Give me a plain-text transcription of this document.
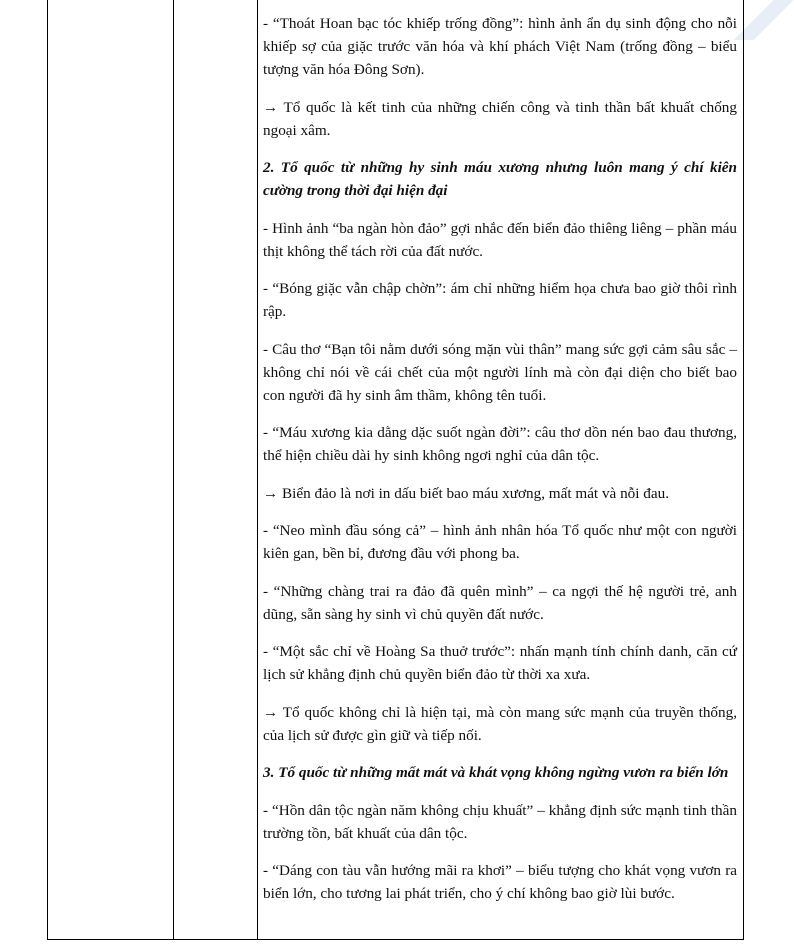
- “Thoát Hoan bạc tóc khiếp trống đồng”: hình ảnh ẩn dụ sinh động cho nỗi khiếp sợ của giặc trước văn hóa và khí phách Việt Nam (trống đồng – biểu tượng văn hóa Đông Sơn).

→ Tổ quốc là kết tinh của những chiến công và tinh thần bất khuất chống ngoại xâm.

2. Tổ quốc từ những hy sinh máu xương nhưng luôn mang ý chí kiên cường trong thời đại hiện đại

- Hình ảnh “ba ngàn hòn đảo” gợi nhắc đến biển đảo thiêng liêng – phần máu thịt không thể tách rời của đất nước.

- “Bóng giặc vẫn chập chờn”: ám chỉ những hiểm họa chưa bao giờ thôi rình rập.

- Câu thơ “Bạn tôi nằm dưới sóng mặn vùi thân” mang sức gợi cảm sâu sắc – không chỉ nói về cái chết của một người lính mà còn đại diện cho biết bao con người đã hy sinh âm thầm, không tên tuổi.

- “Máu xương kia dằng dặc suốt ngàn đời”: câu thơ dồn nén bao đau thương, thể hiện chiều dài hy sinh không ngơi nghỉ của dân tộc.

→ Biển đảo là nơi in dấu biết bao máu xương, mất mát và nỗi đau.

- “Neo mình đầu sóng cả” – hình ảnh nhân hóa Tổ quốc như một con người kiên gan, bền bỉ, đương đầu với phong ba.

- “Những chàng trai ra đảo đã quên mình” – ca ngợi thế hệ người trẻ, anh dũng, sẵn sàng hy sinh vì chủ quyền đất nước.

- “Một sắc chỉ về Hoàng Sa thuở trước”: nhấn mạnh tính chính danh, căn cứ lịch sử khẳng định chủ quyền biển đảo từ thời xa xưa.

→ Tổ quốc không chỉ là hiện tại, mà còn mang sức mạnh của truyền thống, của lịch sử được gìn giữ và tiếp nối.

3. Tổ quốc từ những mất mát và khát vọng không ngừng vươn ra biển lớn

- “Hồn dân tộc ngàn năm không chịu khuất” – khẳng định sức mạnh tinh thần trường tồn, bất khuất của dân tộc.

- “Dáng con tàu vẫn hướng mãi ra khơi” – biểu tượng cho khát vọng vươn ra biển lớn, cho tương lai phát triển, cho ý chí không bao giờ lùi bước.
